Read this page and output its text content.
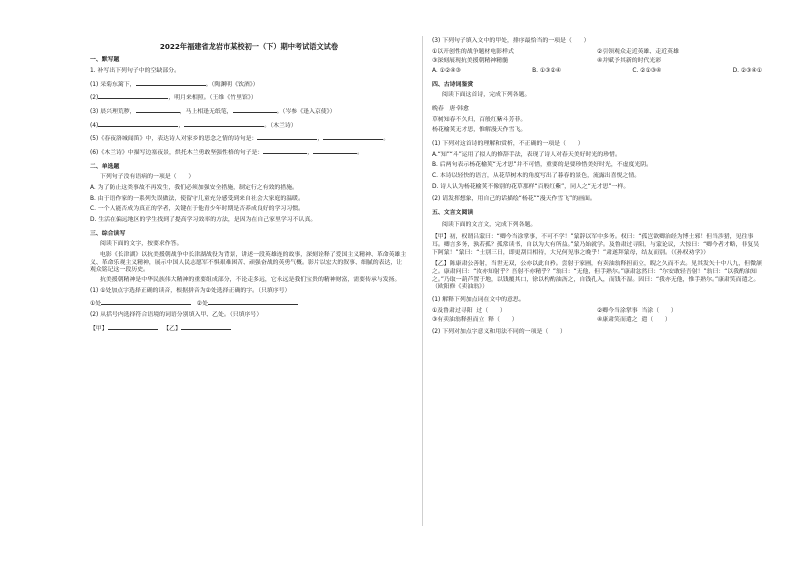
2022年福建省龙岩市某校初一（下）期中考试语文试卷
一、默写题
1. 补写出下列句子中的空缺部分。
(1) 采菊东篱下，	。（陶渊明《饮酒》）
(2)	，明月来相照。（王维《竹里馆》）
(3) 晨兴理荒秽，	，马上相逢无纸笔，	。（岑参《逢入京使》）
(4)	，	。（木兰诗）
(5)《春夜洛城闻笛》中，表达诗人对家乡的思念之情的诗句是：	，	。
(6)《木兰诗》中描写边塞夜景，烘托木兰勇敢坚强性格的句子是：	，	。
二、单选题
下列句子没有语病的一项是（　　）
A. 为了防止这类事故不再发生，我们必须加强安全措施，制定行之有效的措施。
B. 由于语作家的一系列失误做法，使留守儿童充分感受到来自社会大家庭的温暖。
C. 一个人能否成为真正的学者，关键在于他青少年时期是否养成良好的学习习惯。
D. 生活在偏远地区的学生找到了提高学习效率的方法，是因为在自己家里学习不认真。
三、综合读写
阅读下面的文字，按要求作答。
电影《长津湖》以抗美援朝战争中长津湖战役为背景，讲述一段英雄连的故事，深刻诠释了爱国主义精神、革命英雄主义、革命乐观主义精神，展示中国人民志愿军不惧艰难困苦、顽强奋战的英勇气概。影片以宏大的叙事、细腻的表达，让观众铭记这一段历史。
抗美援朝精神是中华民族伟大精神的重要组成部分，不论走多远，它永远是我们宝贵的精神财富，需要传承与发扬。
(1) ①处加点字选择正确的读音，根据拼音为②处选择正确的字。（只填序号）
①处	②处
(2) 从括号内选择符合语境的词语分别填入甲、乙处。（只填序号）
【甲】	【乙】
(3) 下列句子填入文中的甲处，排序最恰当的一项是（　　）
①以开创性的战争题材电影样式	②引领观众走近英雄、走近英雄
③深刻展现抗美援朝精神精髓	④并赋予其新的时代光彩
A. ①②④③	B. ①③②④	C. ②①③④	D. ②③④①
四、古诗词鉴赏
阅读下面这首诗，完成下列各题。
晚春 唐·韩愈
草树知春不久归，百般红紫斗芳菲。
杨花榆荚无才思，惟解漫天作雪飞。
(1) 下列对这首诗的理解和赏析，不正确的一项是（　　）
A.“知”“斗”运用了拟人的修辞手法，表现了诗人对春天美好时光的珍惜。
B. 后两句表示杨花榆荚“无才思”并不可惜，重要的是要珍惜美好时光，不虚度光阴。
C. 本诗以轻快的语言，从花草树木的角度写出了暮春的景色，流露出喜悦之情。
D. 诗人认为杨花榆荚不像别的花草那样“百般红紫”，同人之“无才思”一样。
(2) 请发挥想象，用自己的话描绘“杨花”“漫天作雪飞”的画面。
五、文言文阅读
阅读下面的文言文，完成下列各题。
【甲】初，权谓吕蒙曰：“卿今当涂掌事，不可不学！”蒙辞以军中多务。权曰：“孤岂欲卿治经为博士邪！但当涉猎，见往事耳。卿言多务，孰若孤？孤常读书，自以为大有所益。”蒙乃始就学。及鲁肃过寻阳，与蒙论议，大惊曰：“卿今者才略，非复吴下阿蒙！”蒙曰：“士别三日，即更刮目相待，大兄何见事之晚乎！”肃遂拜蒙母，结友而别。（《孙权劝学》）
【乙】陈康肃公善射，当世无双，公亦以此自矜。尝射于家圃，有卖油翁释担而立，睨之久而不去。见其发矢十中八九，但微颔之。康肃问曰：“汝亦知射乎？吾射不亦精乎？”翁曰：“无他，但手熟尔。”康肃忿然曰：“尔安敢轻吾射！”翁曰：“以我酌油知之。”乃取一葫芦置于地，以钱覆其口，徐以杓酌油沥之，自钱孔入，而钱不湿。因曰：“我亦无他，惟手熟尔。”康肃笑而遣之。（欧阳修《卖油翁》）
(1) 解释下列加点词在文中的意思。
①及鲁肃过寻阳 过（　　）	②卿今当涂掌事 当涂（　　）
③有卖油翁释担而立 释（　　）	④康肃笑而遣之 遣（　　）
(2) 下列对加点字意义和用法不同的一项是（　　）
